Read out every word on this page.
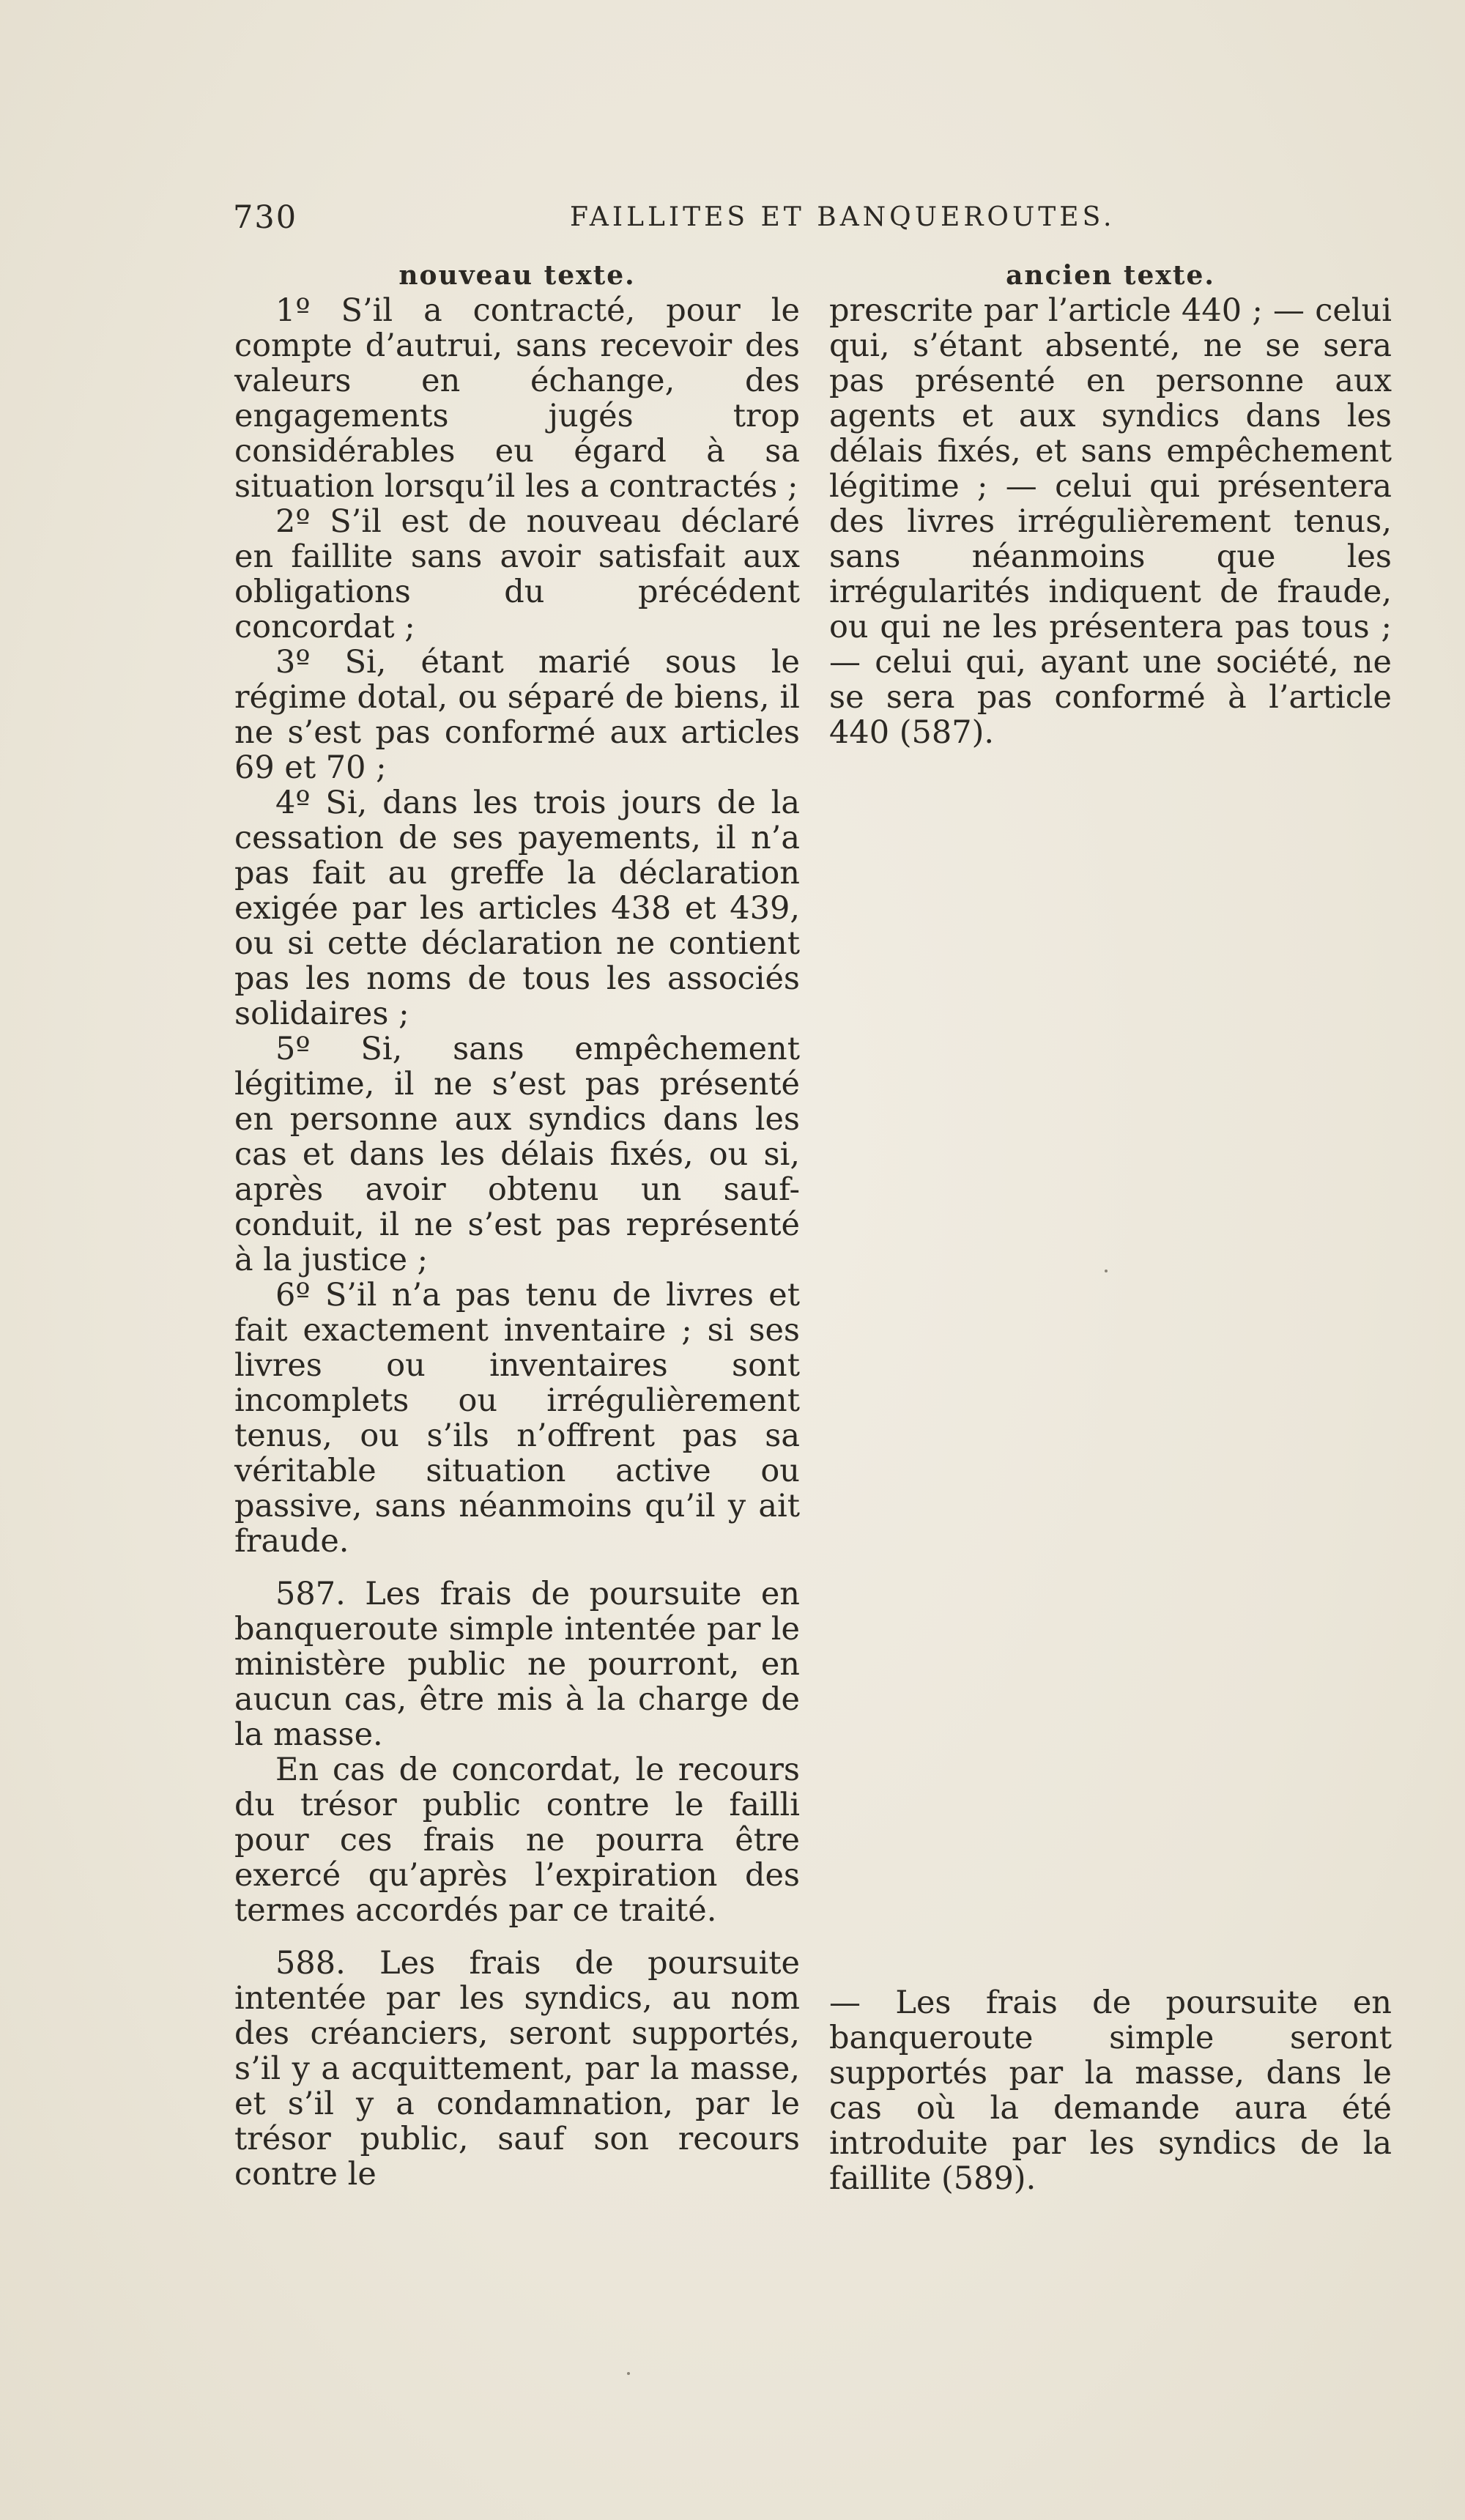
730	FAILLITES ET BANQUEROUTES.
nouveau texte.

1º S’il a contracté, pour le compte d’autrui, sans recevoir des valeurs en échange, des engagements jugés trop considérables eu égard à sa situation lorsqu’il les a contractés ;

2º S’il est de nouveau déclaré en faillite sans avoir satisfait aux obligations du précédent concordat ;

3º Si, étant marié sous le régime dotal, ou séparé de biens, il ne s’est pas conformé aux articles 69 et 70 ;

4º Si, dans les trois jours de la cessation de ses payements, il n’a pas fait au greffe la déclaration exigée par les articles 438 et 439, ou si cette déclaration ne contient pas les noms de tous les associés solidaires ;

5º Si, sans empêchement légitime, il ne s’est pas présenté en personne aux syndics dans les cas et dans les délais fixés, ou si, après avoir obtenu un sauf-conduit, il ne s’est pas représenté à la justice ;

6º S’il n’a pas tenu de livres et fait exactement inventaire ; si ses livres ou inventaires sont incomplets ou irrégulièrement tenus, ou s’ils n’offrent pas sa véritable situation active ou passive, sans néanmoins qu’il y ait fraude.

587. Les frais de poursuite en banqueroute simple intentée par le ministère public ne pourront, en aucun cas, être mis à la charge de la masse.

En cas de concordat, le recours du trésor public contre le failli pour ces frais ne pourra être exercé qu’après l’expiration des termes accordés par ce traité.

588. Les frais de poursuite intentée par les syndics, au nom des créanciers, seront supportés, s’il y a acquittement, par la masse, et s’il y a condamnation, par le trésor public, sauf son recours contre le

ancien texte.

prescrite par l’article 440 ; — celui qui, s’étant absenté, ne se sera pas présenté en personne aux agents et aux syndics dans les délais fixés, et sans empêchement légitime ; — celui qui présentera des livres irrégulièrement tenus, sans néanmoins que les irrégularités indiquent de fraude, ou qui ne les présentera pas tous ; — celui qui, ayant une société, ne se sera pas conformé à l’article 440 (587).

— Les frais de poursuite en banqueroute simple seront supportés par la masse, dans le cas où la demande aura été introduite par les syndics de la faillite (589).
